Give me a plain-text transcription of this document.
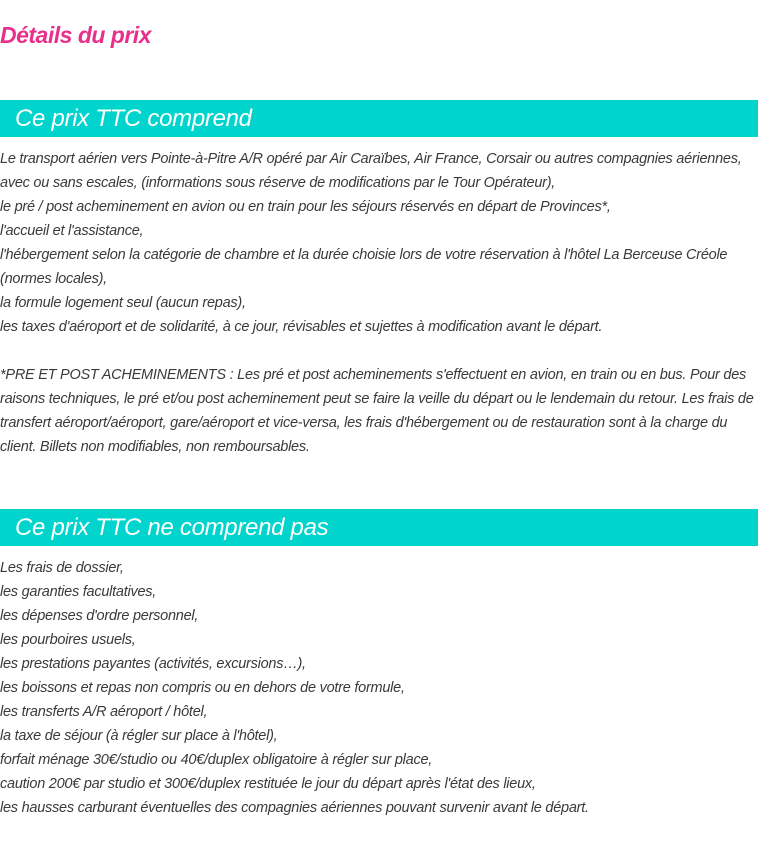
Détails du prix
Ce prix TTC comprend
Le transport aérien vers Pointe-à-Pitre A/R opéré par Air Caraïbes, Air France, Corsair ou autres compagnies aériennes, avec ou sans escales, (informations sous réserve de modifications par le Tour Opérateur),
le pré / post acheminement en avion ou en train pour les séjours réservés en départ de Provinces*,
l'accueil et l'assistance,
l'hébergement selon la catégorie de chambre et la durée choisie lors de votre réservation à l'hôtel La Berceuse Créole (normes locales),
la formule logement seul (aucun repas),
les taxes d'aéroport et de solidarité, à ce jour, révisables et sujettes à modification avant le départ.
*PRE ET POST ACHEMINEMENTS : Les pré et post acheminements s'effectuent en avion, en train ou en bus. Pour des raisons techniques, le pré et/ou post acheminement peut se faire la veille du départ ou le lendemain du retour. Les frais de transfert aéroport/aéroport, gare/aéroport et vice-versa, les frais d'hébergement ou de restauration sont à la charge du client. Billets non modifiables, non remboursables.
Ce prix TTC ne comprend pas
Les frais de dossier,
les garanties facultatives,
les dépenses d'ordre personnel,
les pourboires usuels,
les prestations payantes (activités, excursions…),
les boissons et repas non compris ou en dehors de votre formule,
les transferts A/R aéroport / hôtel,
la taxe de séjour (à régler sur place à l'hôtel),
forfait ménage 30€/studio ou 40€/duplex obligatoire à régler sur place,
caution 200€ par studio et 300€/duplex restituée le jour du départ après l'état des lieux,
les hausses carburant éventuelles des compagnies aériennes pouvant survenir avant le départ.
